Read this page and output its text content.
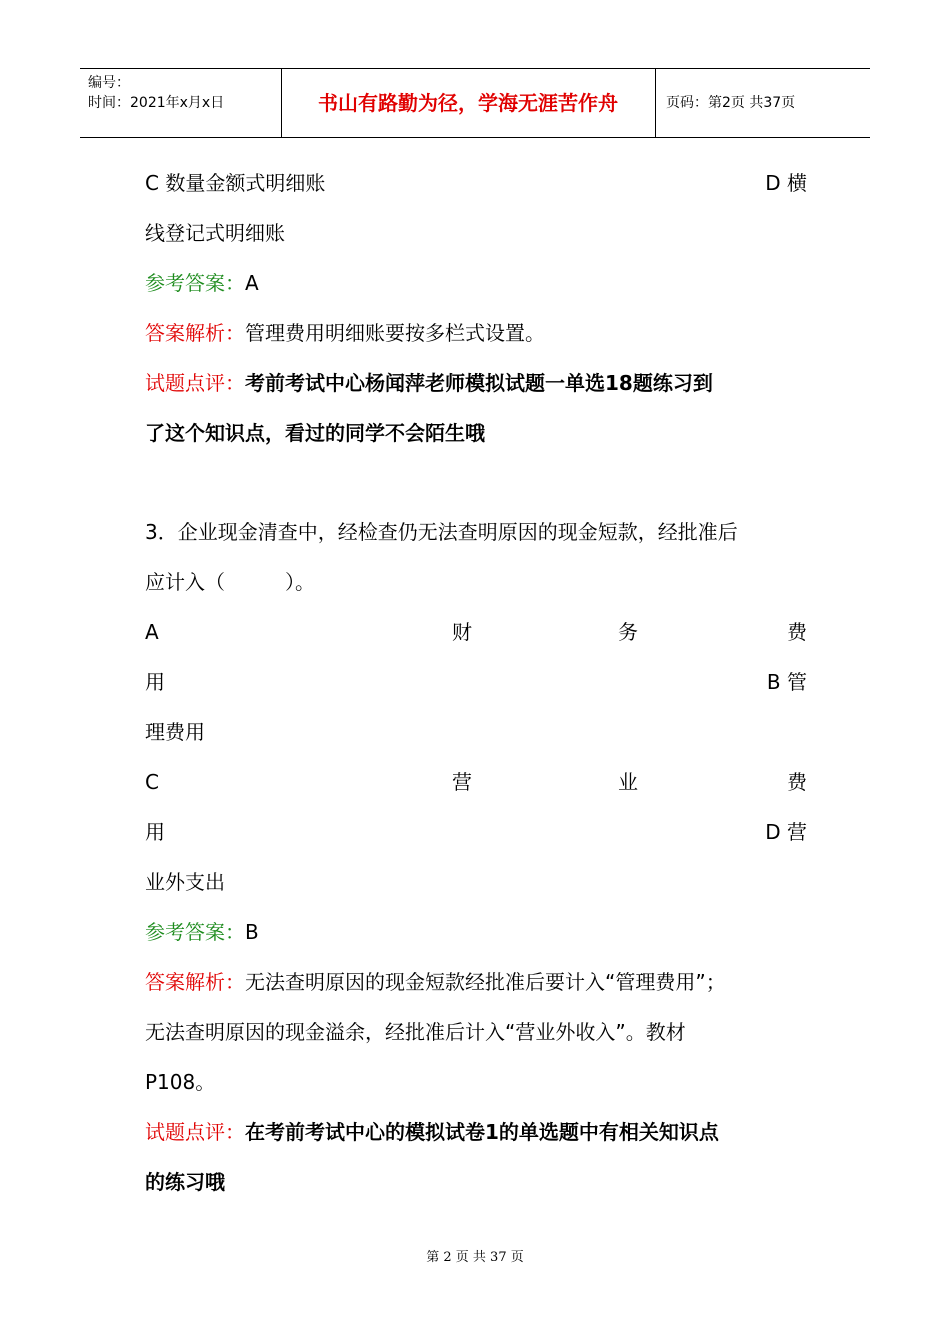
编号：
时间：2021年x月x日	书山有路勤为径，学海无涯苦作舟	页码：第2页 共37页
C 数量金额式明细账	D 横
线登记式明细账
参考答案：A
答案解析：管理费用明细账要按多栏式设置。
试题点评：考前考试中心杨闻萍老师模拟试题一单选18题练习到
了这个知识点，看过的同学不会陌生哦
3．企业现金清查中，经检查仍无法查明原因的现金短款，经批准后
应计入（　　　）。
A	财	务	费
用	B 管
理费用
C	营	业	费
用	D 营
业外支出
参考答案：B
答案解析：无法查明原因的现金短款经批准后要计入“管理费用”；
无法查明原因的现金溢余，经批准后计入“营业外收入”。教材
P108。
试题点评：在考前考试中心的模拟试卷1的单选题中有相关知识点
的练习哦
第 2 页 共 37 页
